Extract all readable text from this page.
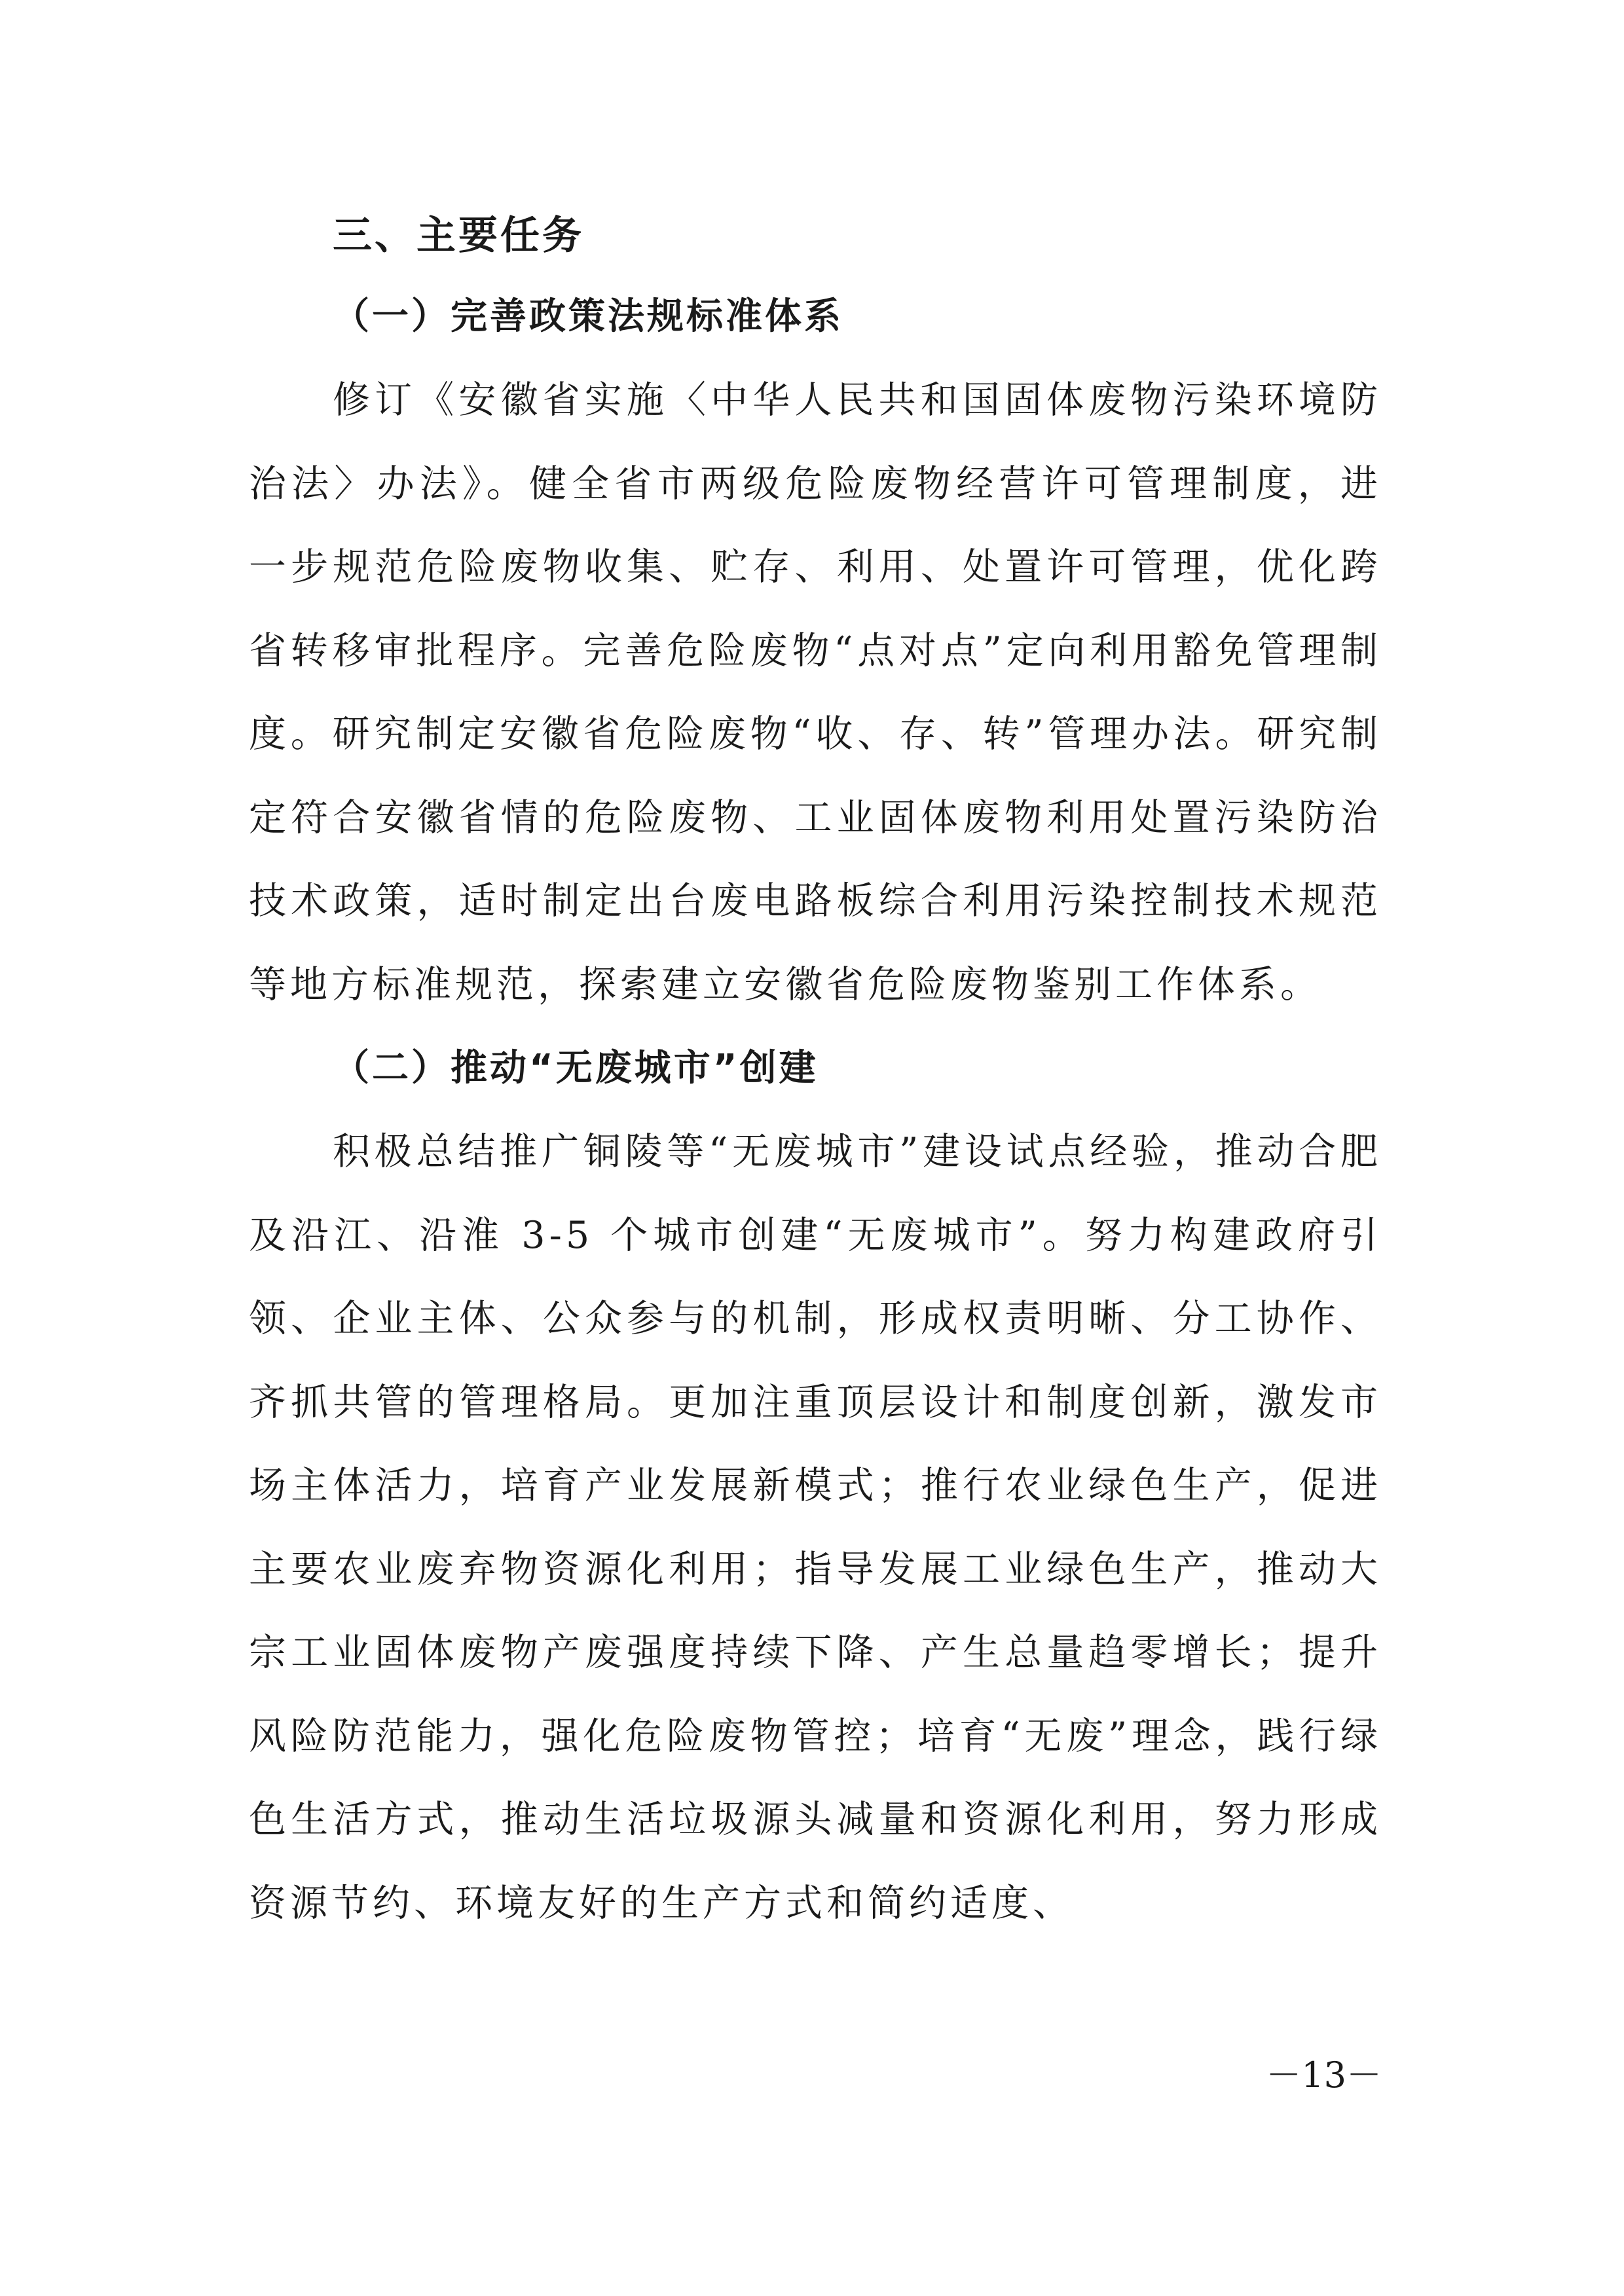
三、主要任务

（一）完善政策法规标准体系

修订《安徽省实施〈中华人民共和国固体废物污染环境防治法〉办法》。健全省市两级危险废物经营许可管理制度，进一步规范危险废物收集、贮存、利用、处置许可管理，优化跨省转移审批程序。完善危险废物“点对点”定向利用豁免管理制度。研究制定安徽省危险废物“收、存、转”管理办法。研究制定符合安徽省情的危险废物、工业固体废物利用处置污染防治技术政策，适时制定出台废电路板综合利用污染控制技术规范等地方标准规范，探索建立安徽省危险废物鉴别工作体系。

（二）推动“无废城市”创建

积极总结推广铜陵等“无废城市”建设试点经验，推动合肥及沿江、沿淮 3-5 个城市创建“无废城市”。努力构建政府引领、企业主体、公众参与的机制，形成权责明晰、分工协作、齐抓共管的管理格局。更加注重顶层设计和制度创新，激发市场主体活力，培育产业发展新模式；推行农业绿色生产，促进主要农业废弃物资源化利用；指导发展工业绿色生产，推动大宗工业固体废物产废强度持续下降、产生总量趋零增长；提升风险防范能力，强化危险废物管控；培育“无废”理念，践行绿色生活方式，推动生活垃圾源头减量和资源化利用，努力形成资源节约、环境友好的生产方式和简约适度、

－13－
